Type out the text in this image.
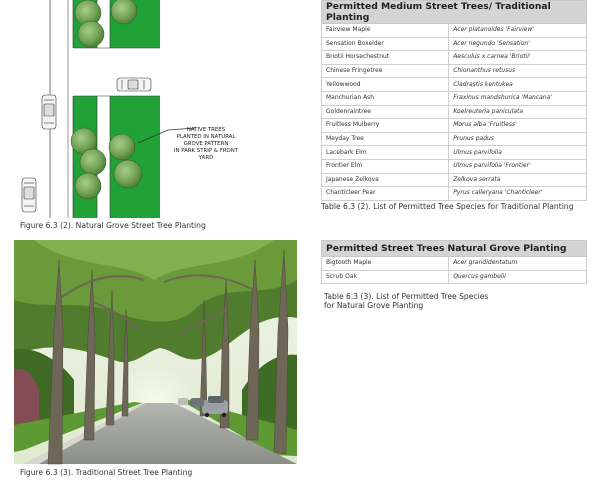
NATIVE TREES
PLANTED IN NATURAL
GROVE PATTERN
IN PARK STRIP & FRONT
YARD
Figure 6.3 (2). Natural Grove Street Tree Planting
Figure 6.3 (3). Traditional Street Tree Planting
Permitted Medium Street Trees/ Traditional Planting	
Fairview Maple	Acer platanoides 'Fairview'
Sensation Boxelder	Acer negundo 'Sensation'
Briotii Horsechestnut	Aesculus x carnea 'Briotii'
Chinese Fringetree	Chionanthus retusus
Yellowwood	Cladrastis kentukea
Manchurian Ash	Fraxinus mandshurica 'Mancana'
Goldenraintree	Koelreuteria paniculata
Fruitless Mulberry	Morus alba 'Fruitless'
Mayday Tree	Prunus padus
Lacebark Elm	Ulmus parvifolia
Frontier Elm	Ulmus parvifolia 'Frontier'
Japanese Zelkova	Zelkova serrata
Chanticleer Pear	Pyrus calleryana 'Chanticleer'
Table 6.3 (2). List of Permitted Tree Species for Traditional Planting
Permitted Street Trees Natural Grove Planting	
Bigtooth Maple	Acer grandidentatum
Scrub Oak	Quercus gambelii
Table 6.3 (3). List of Permitted Tree Species
for Natural Grove Planting
